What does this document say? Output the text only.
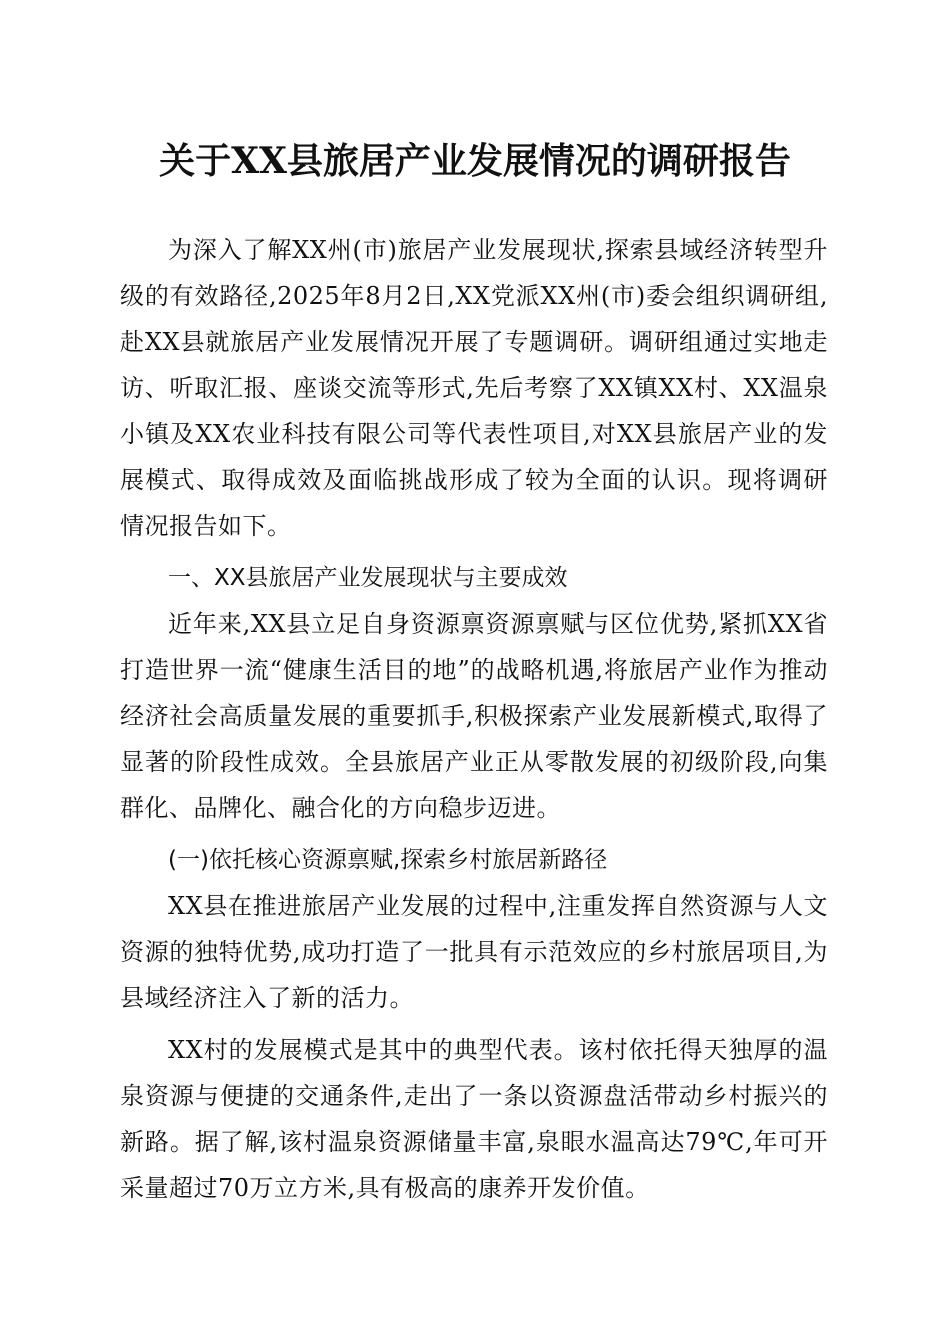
关于XX县旅居产业发展情况的调研报告

为深入了解XX州(市)旅居产业发展现状,探索县域经济转型升级的有效路径,2025年8月2日,XX党派XX州(市)委会组织调研组,赴XX县就旅居产业发展情况开展了专题调研。调研组通过实地走访、听取汇报、座谈交流等形式,先后考察了XX镇XX村、XX温泉小镇及XX农业科技有限公司等代表性项目,对XX县旅居产业的发展模式、取得成效及面临挑战形成了较为全面的认识。现将调研情况报告如下。

一、XX县旅居产业发展现状与主要成效

近年来,XX县立足自身资源禀资源禀赋与区位优势,紧抓XX省打造世界一流“健康生活目的地”的战略机遇,将旅居产业作为推动经济社会高质量发展的重要抓手,积极探索产业发展新模式,取得了显著的阶段性成效。全县旅居产业正从零散发展的初级阶段,向集群化、品牌化、融合化的方向稳步迈进。

(一)依托核心资源禀赋,探索乡村旅居新路径

XX县在推进旅居产业发展的过程中,注重发挥自然资源与人文资源的独特优势,成功打造了一批具有示范效应的乡村旅居项目,为县域经济注入了新的活力。

XX村的发展模式是其中的典型代表。该村依托得天独厚的温泉资源与便捷的交通条件,走出了一条以资源盘活带动乡村振兴的新路。据了解,该村温泉资源储量丰富,泉眼水温高达79℃,年可开采量超过70万立方米,具有极高的康养开发价值。
